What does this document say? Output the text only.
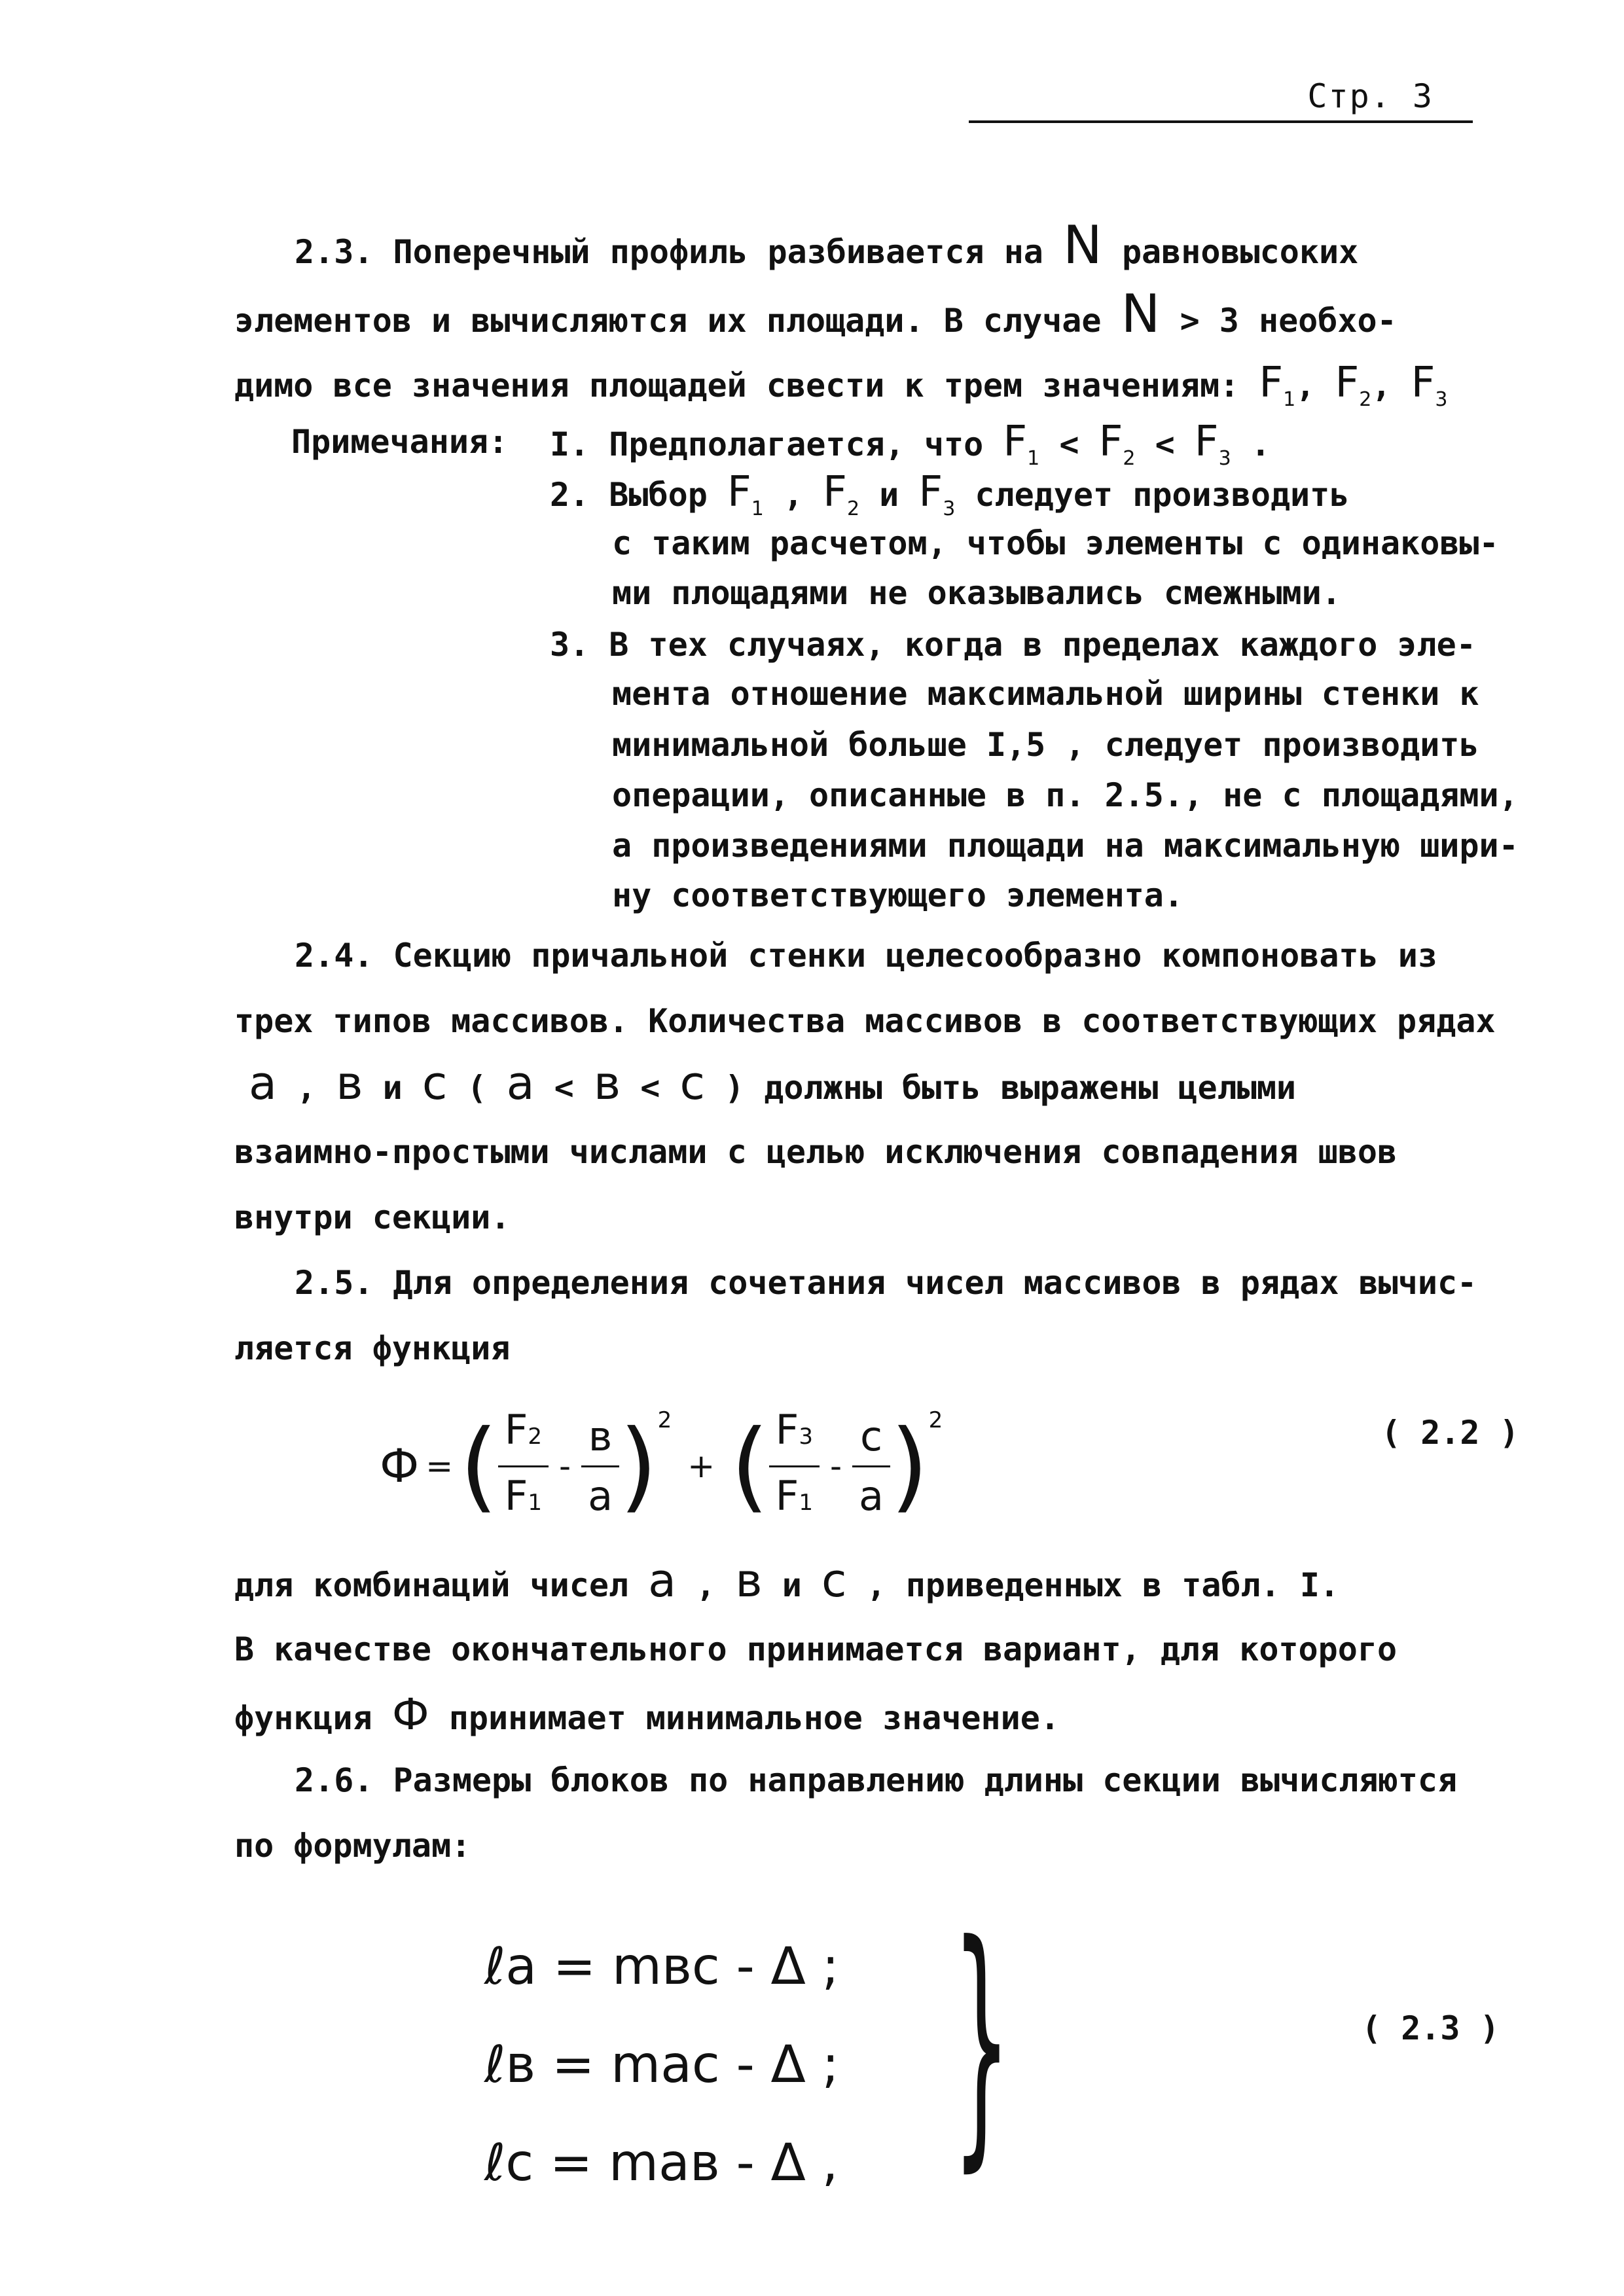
Стр. 3
2.3. Поперечный профиль разбивается на N равновысоких
элементов и вычисляются их площади. В случае N > 3 необхо-
димо все значения площадей свести к трем значениям: $F_1$, $F_2$, $F_3$
Примечания: I. Предполагается, что $F_1 < F_2 < F_3$ .
2. Выбор $F_1$ , $F_2$ и $F_3$ следует производить
с таким расчетом, чтобы элементы с одинаковы-
ми площадями не оказывались смежными.
3. В тех случаях, когда в пределах каждого эле-
мента отношение максимальной ширины стенки к
минимальной больше I,5 , следует производить
операции, описанные в п. 2.5., не с площадями,
а произведениями площади на максимальную шири-
ну соответствующего элемента.
2.4. Секцию причальной стенки целесообразно компоновать из
трех типов массивов. Количества массивов в соответствующих рядах
a , в и c ( a < в < c ) должны быть выражены целыми
взаимно-простыми числами с целью исключения совпадения швов
внутри секции.
2.5. Для определения сочетания чисел массивов в рядах вычис-
ляется функция
Ф = ( $\frac{F2}{F1} - \frac{в}{a}$ ) 2
+ ( $\frac{F3}{F1} - \frac{c}{a}$ ) 2	( 2.2 )
для комбинаций чисел a , в и c , приведенных в табл. I.
В качестве окончательного принимается вариант, для которого
функция Ф принимает минимальное значение.
2.6. Размеры блоков по направлению длины секции вычисляются
по формулам:
ℓa = mвc - Δ ;
ℓв = mac - Δ ;
ℓc = maв - Δ , }	( 2.3 )
